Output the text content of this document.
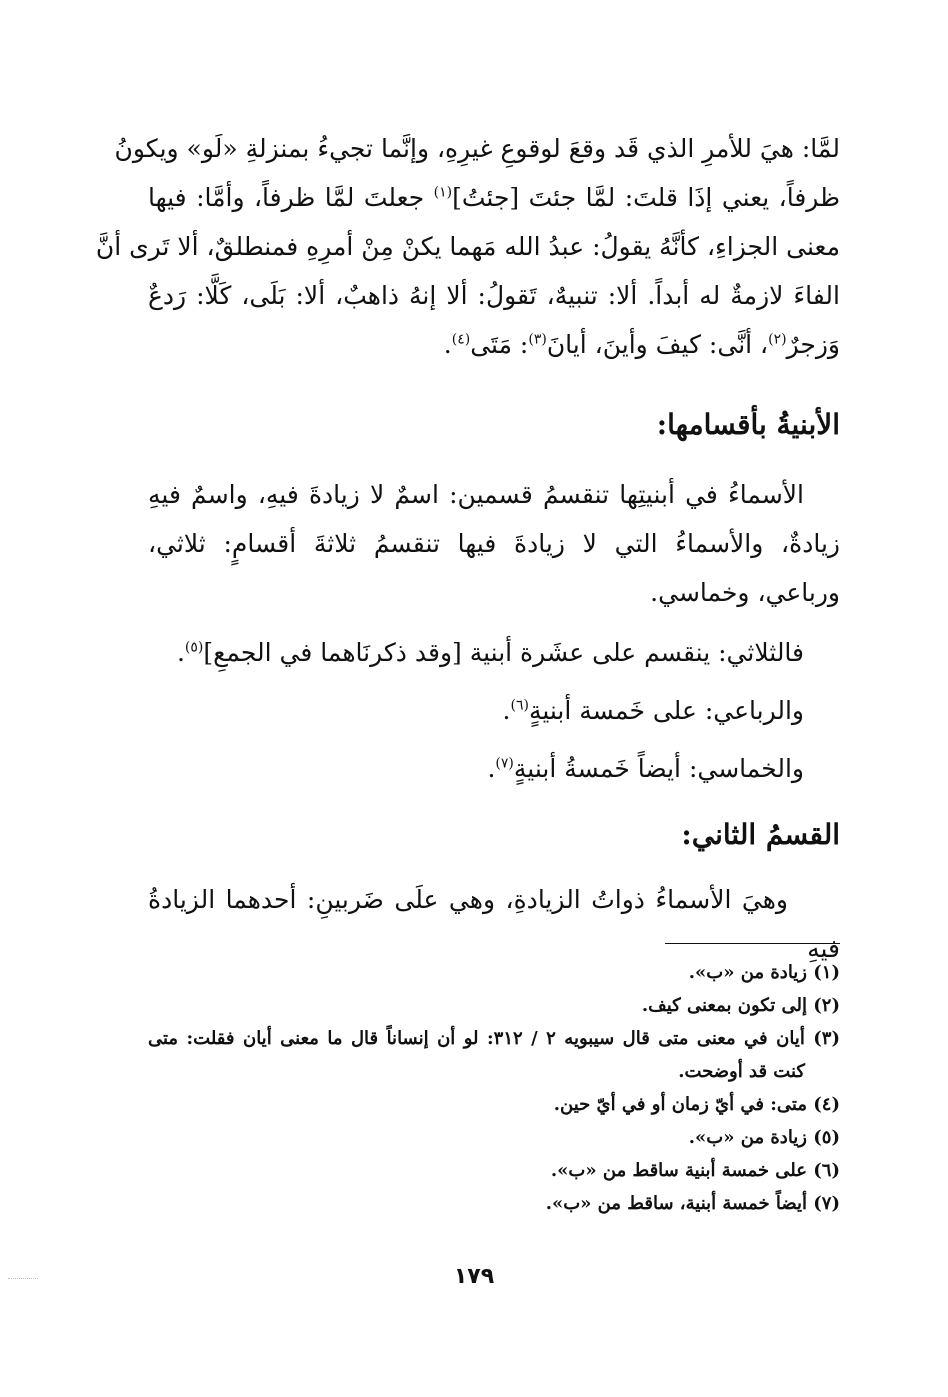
لمَّا: هيَ للأمرِ الذي قَد وقعَ لوقوعِ غيرِهِ، وإنَّما تجيءُ بمنزلةِ «لَو» ويكونُ

ظرفاً، يعني إذَا قلتَ: لمَّا جئتَ [جئتُ]$^{(١)}$ جعلتَ لمَّا ظرفاً، وأمَّا: فيها

معنى الجزاءِ، كأنَّهُ يقولُ: عبدُ الله مَهما يكنْ مِنْ أمرِهِ فمنطلقٌ، ألا تَرى أنَّ

الفاءَ لازمةٌ له أبداً. ألا: تنبيهٌ، تَقولُ: ألا إنهُ ذاهبٌ، ألا: بَلَى، كَلَّا: رَدعٌ

وَزجرٌ$^{(٢)}$، أنَّى: كيفَ وأينَ، أيانَ$^{(٣)}$: مَتَى$^{(٤)}$.

الأبنيةُ بأقسامها:

الأسماءُ في أبنيتِها تنقسمُ قسمين: اسمٌ لا زيادةَ فيهِ، واسمٌ فيهِ زيادةٌ، والأسماءُ التي لا زيادةَ فيها تنقسمُ ثلاثةَ أقسامٍ: ثلاثي، ورباعي، وخماسي.

فالثلاثي: ينقسم على عشَرة أبنية [وقد ذكرنَاهما في الجمعِ]$^{(٥)}$.

والرباعي: على خَمسة أبنيةٍ$^{(٦)}$.

والخماسي: أيضاً خَمسةُ أبنيةٍ$^{(٧)}$.

القسمُ الثاني:

وهيَ الأسماءُ ذواتُ الزيادةِ، وهي علَى ضَربينِ: أحدهما الزيادةُ فيهِ

(١) زيادة من «ب».

(٢) إلى تكون بمعنى كيف.

(٣) أيان في معنى متى قال سيبويه ٢ / ٣١٢: لو أن إنساناً قال ما معنى أيان فقلت: متى

كنت قد أوضحت.

(٤) متى: في أيّ زمان أو في أيّ حين.

(٥) زيادة من «ب».

(٦) على خمسة أبنية ساقط من «ب».

(٧) أيضاً خمسة أبنية، ساقط من «ب».

١٧٩
